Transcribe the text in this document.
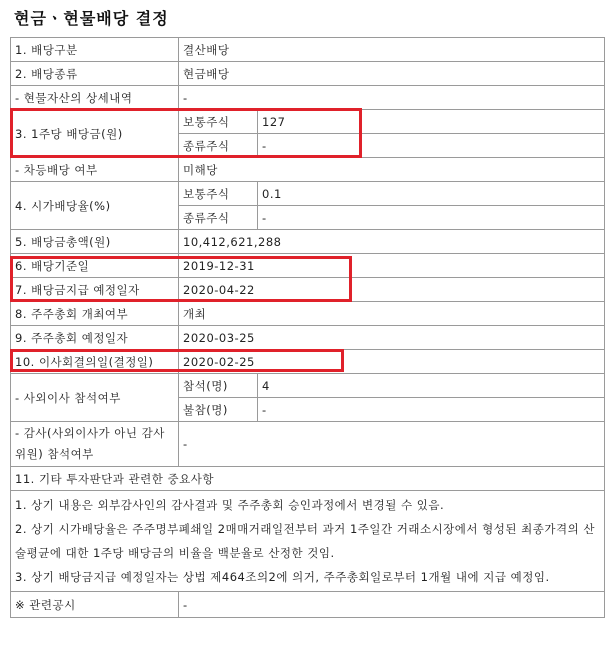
현금ㆍ현물배당 결정
1. 배당구분	결산배당	
2. 배당종류	현금배당	
- 현물자산의 상세내역	-	
3. 1주당 배당금(원)	보통주식	127
	종류주식	-
- 차등배당 여부	미해당	
4. 시가배당율(%)	보통주식	0.1
	종류주식	-
5. 배당금총액(원)	10,412,621,288	
6. 배당기준일	2019-12-31	
7. 배당금지급 예정일자	2020-04-22	
8. 주주총회 개최여부	개최	
9. 주주총회 예정일자	2020-03-25	
10. 이사회결의일(결정일)	2020-02-25	
- 사외이사 참석여부	참석(명)	4
	불참(명)	-
- 감사(사외이사가 아닌 감사위원) 참석여부	-	
11. 기타 투자판단과 관련한 중요사항		

1. 상기 내용은 외부감사인의 감사결과 및 주주총회 승인과정에서 변경될 수 있음.
2. 상기 시가배당율은 주주명부폐쇄일 2매매거래일전부터 과거 1주일간 거래소시장에서 형성된 최종가격의 산술평균에 대한 1주당 배당금의 비율을 백분율로 산정한 것임.
3. 상기 배당금지급 예정일자는 상법 제464조의2에 의거, 주주총회일로부터 1개월 내에 지급 예정임.		

※ 관련공시	-	
